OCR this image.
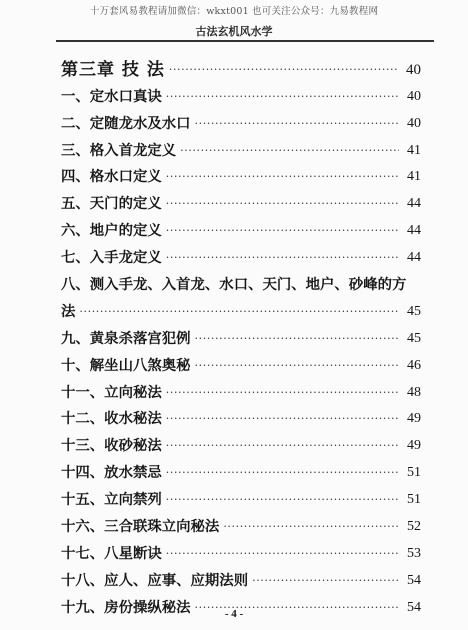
十万套风易教程请加微信：wkxt001 也可关注公众号：九易教程网
古法玄机风水学
第三章 技 法 ·····	40
一、定水口真诀 ·····	40
二、定随龙水及水口 ·····	40
三、格入首龙定义 ·····	41
四、格水口定义 ·····	41
五、天门的定义 ·····	44
六、地户的定义 ·····	44
七、入手龙定义 ·····	44
八、测入手龙、入首龙、水口、天门、地户、砂峰的方
法 ·····	45
九、黄泉杀落宫犯例 ·····	45
十、解坐山八煞奥秘 ·····	46
十一、立向秘法 ·····	48
十二、收水秘法 ·····	49
十三、收砂秘法 ·····	49
十四、放水禁忌 ·····	51
十五、立向禁列 ·····	51
十六、三合联珠立向秘法 ·····	52
十七、八星断诀 ·····	53
十八、应人、应事、应期法则 ·····	54
十九、房份操纵秘法 ·····	54
- 4 -
